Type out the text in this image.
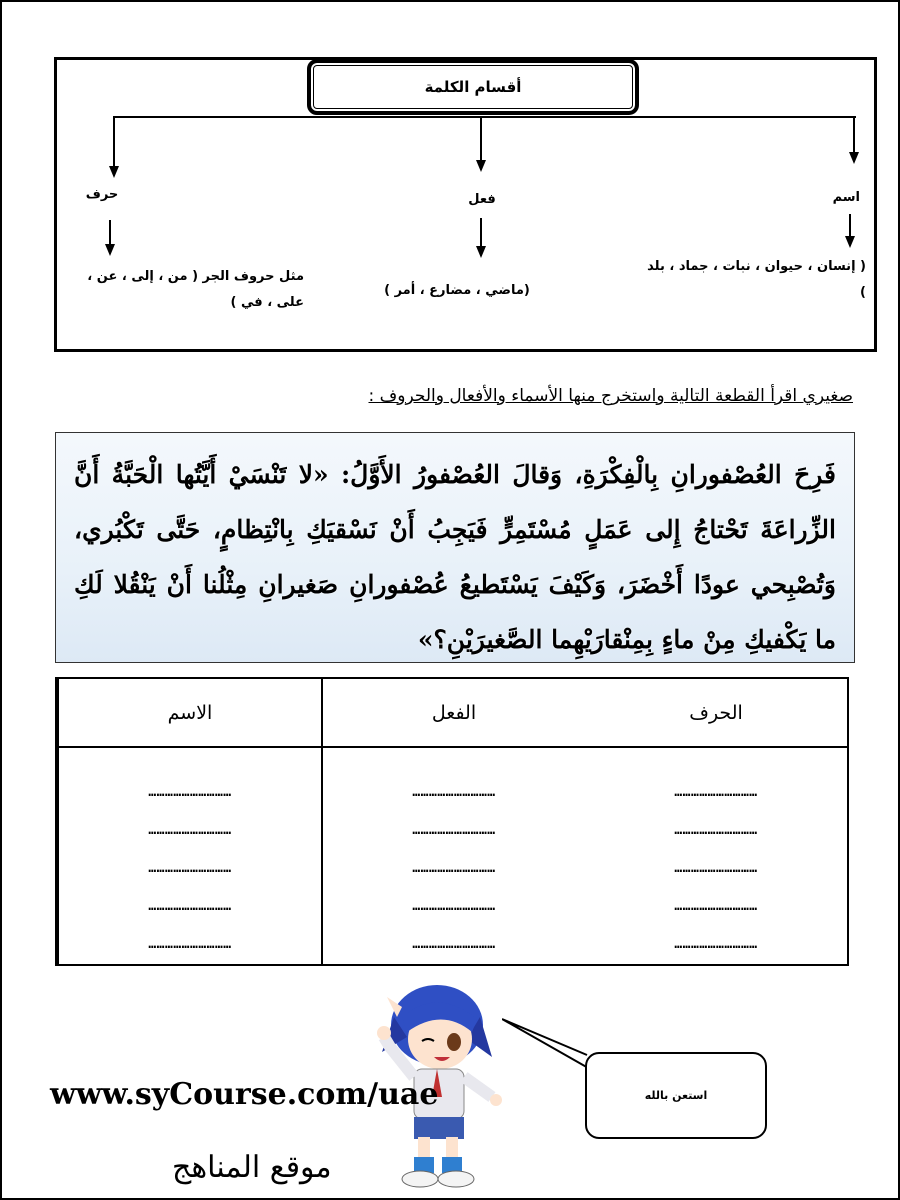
أقسام الكلمة
اسم
( إنسان ، حيوان ، نبات ، جماد ، بلد )
فعل
(ماضي ، مضارع ، أمر )
حرف
مثل حروف الجر ( من ، إلى ، عن ، على ، في )
صغيري اقرأ القطعة التالية واستخرج منها الأسماء والأفعال والحروف :

فَرِحَ العُصْفورانِ بِالْفِكْرَةِ، وَقالَ العُصْفورُ الأَوَّلُ: «لا تَنْسَيْ أَيَّتُها الْحَبَّةُ أَنَّ الزِّراعَةَ تَحْتاجُ إِلى عَمَلٍ مُسْتَمِرٍّ فَيَجِبُ أَنْ نَسْقيَكِ بِانْتِظامٍ، حَتَّى تَكْبُري، وَتُصْبِحي عودًا أَخْضَرَ، وَكَيْفَ يَسْتَطيعُ عُصْفورانِ صَغيرانِ مِثْلُنا أَنْ يَنْقُلا لَكِ ما يَكْفيكِ مِنْ ماءٍ بِمِنْقارَيْهِما الصَّغيرَيْنِ؟»

الاسم
…………………………
…………………………
…………………………
…………………………
…………………………
الفعل
…………………………
…………………………
…………………………
…………………………
…………………………
الحرف
…………………………
…………………………
…………………………
…………………………
…………………………
استعن بالله
www.syCourse.com/uae
موقع المناهج
